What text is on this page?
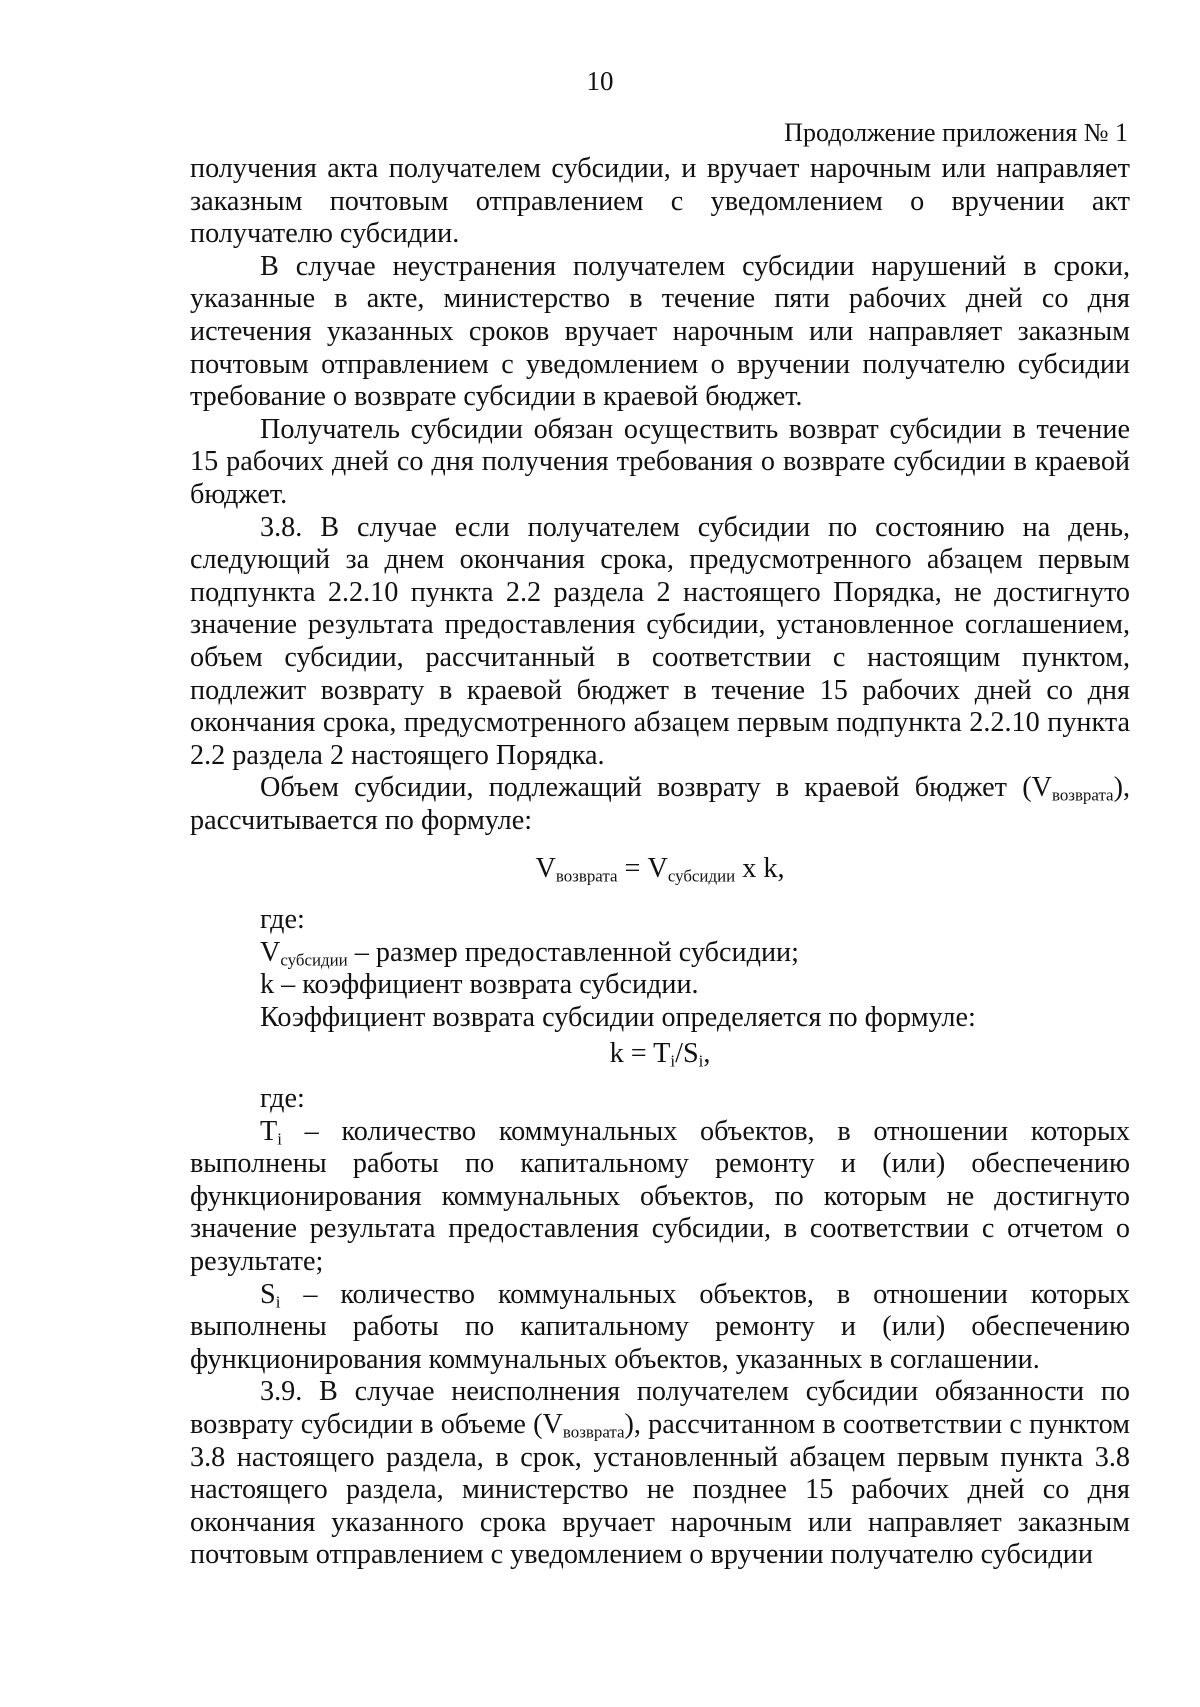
10
Продолжение приложения № 1

получения акта получателем субсидии, и вручает нарочным или направляет заказным почтовым отправлением с уведомлением о вручении акт получателю субсидии.

В случае неустранения получателем субсидии нарушений в сроки, указанные в акте, министерство в течение пяти рабочих дней со дня истечения указанных сроков вручает нарочным или направляет заказным почтовым отправлением с уведомлением о вручении получателю субсидии требование о возврате субсидии в краевой бюджет.

Получатель субсидии обязан осуществить возврат субсидии в течение 15 рабочих дней со дня получения требования о возврате субсидии в краевой бюджет.

3.8. В случае если получателем субсидии по состоянию на день, следующий за днем окончания срока, предусмотренного абзацем первым подпункта 2.2.10 пункта 2.2 раздела 2 настоящего Порядка, не достигнуто значение результата предоставления субсидии, установленное соглашением, объем субсидии, рассчитанный в соответствии с настоящим пунктом, подлежит возврату в краевой бюджет в течение 15 рабочих дней со дня окончания срока, предусмотренного абзацем первым подпункта 2.2.10 пункта 2.2 раздела 2 настоящего Порядка.

Объем субсидии, подлежащий возврату в краевой бюджет $(V_{возврата})$, рассчитывается по формуле:

$V_{возврата} = V_{субсидии}$ x k,

где:

$V_{субсидии}$ – размер предоставленной субсидии;

k – коэффициент возврата субсидии.

Коэффициент возврата субсидии определяется по формуле:

$k = T_i/S_i$,

где:

$T_i$ – количество коммунальных объектов, в отношении которых выполнены работы по капитальному ремонту и (или) обеспечению функционирования коммунальных объектов, по которым не достигнуто значение результата предоставления субсидии, в соответствии с отчетом о результате;

$S_i$ – количество коммунальных объектов, в отношении которых выполнены работы по капитальному ремонту и (или) обеспечению функционирования коммунальных объектов, указанных в соглашении.

3.9. В случае неисполнения получателем субсидии обязанности по возврату субсидии в объеме $(V_{возврата})$, рассчитанном в соответствии с пунктом 3.8 настоящего раздела, в срок, установленный абзацем первым пункта 3.8 настоящего раздела, министерство не позднее 15 рабочих дней со дня окончания указанного срока вручает нарочным или направляет заказным почтовым отправлением с уведомлением о вручении получателю субсидии
